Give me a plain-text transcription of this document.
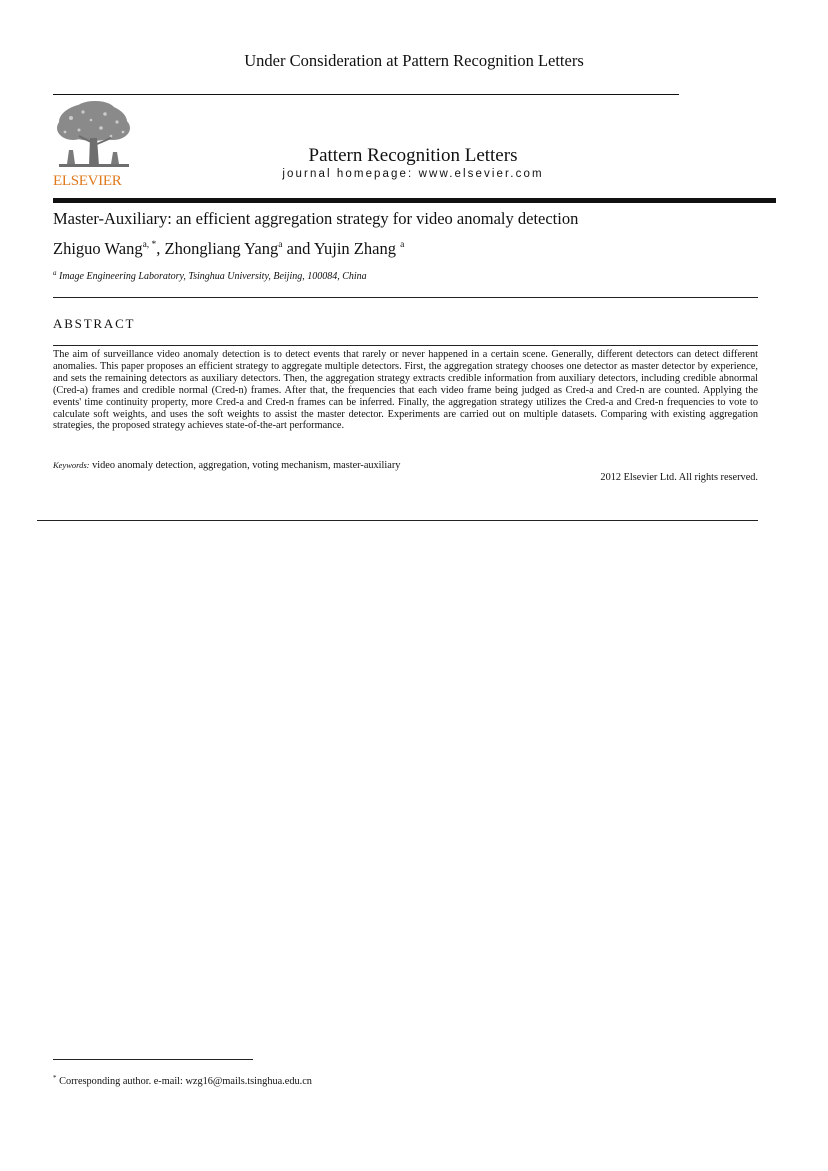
Under Consideration at Pattern Recognition Letters
ELSEVIER
Pattern Recognition Letters
journal homepage: www.elsevier.com
Master-Auxiliary: an efficient aggregation strategy for video anomaly detection
Zhiguo Wang$^{a, *}$, Zhongliang Yang$^a$ and Yujin Zhang $^a$
$^a$ Image Engineering Laboratory, Tsinghua University, Beijing, 100084, China
ABSTRACT
The aim of surveillance video anomaly detection is to detect events that rarely or never happened in a certain scene. Generally, different detectors can detect different anomalies. This paper proposes an efficient strategy to aggregate multiple detectors. First, the aggregation strategy chooses one detector as master detector by experience, and sets the remaining detectors as auxiliary detectors. Then, the aggregation strategy extracts credible information from auxiliary detectors, including credible abnormal (Cred-a) frames and credible normal (Cred-n) frames. After that, the frequencies that each video frame being judged as Cred-a and Cred-n are counted. Applying the events' time continuity property, more Cred-a and Cred-n frames can be inferred. Finally, the aggregation strategy utilizes the Cred-a and Cred-n frequencies to vote to calculate soft weights, and uses the soft weights to assist the master detector. Experiments are carried out on multiple datasets. Comparing with existing aggregation strategies, the proposed strategy achieves state-of-the-art performance.
Keywords: video anomaly detection, aggregation, voting mechanism, master-auxiliary
2012 Elsevier Ltd. All rights reserved.
* Corresponding author. e-mail: wzg16@mails.tsinghua.edu.cn
